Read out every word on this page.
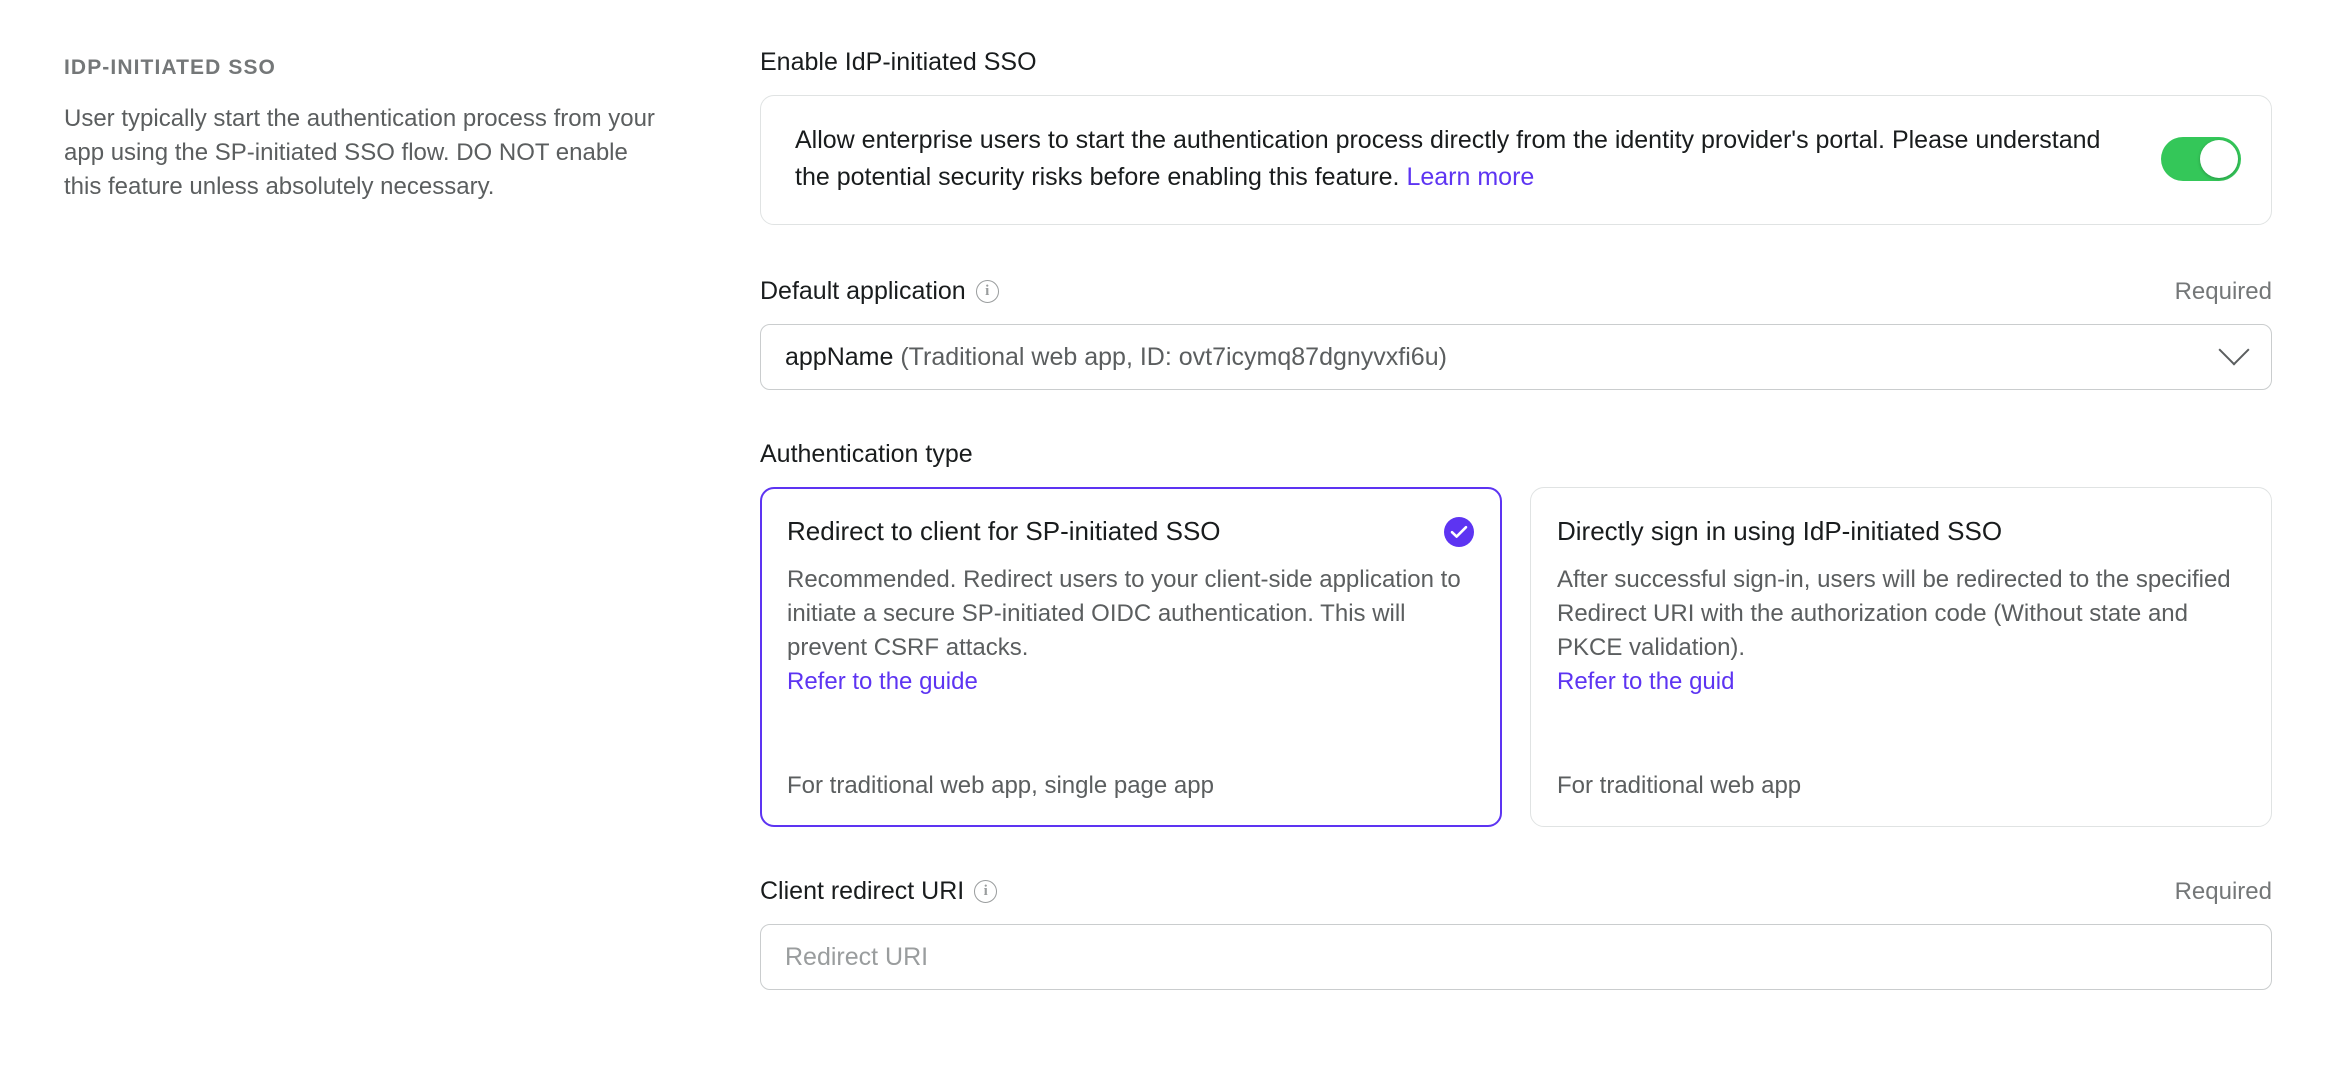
IDP-INITIATED SSO

User typically start the authentication process from your app using the SP-initiated SSO flow. DO NOT enable this feature unless absolutely necessary.

Enable IdP-initiated SSO
Allow enterprise users to start the authentication process directly from the identity provider's portal. Please understand the potential security risks before enabling this feature. Learn more
Default application	i	Required
appName (Traditional web app, ID: ovt7icymq87dgnyvxfi6u)
Authentication type
Redirect to client for SP-initiated SSO

Recommended. Redirect users to your client-side application to initiate a secure SP-initiated OIDC authentication. This will prevent CSRF attacks.
Refer to the guide

For traditional web app, single page app
Directly sign in using IdP-initiated SSO

After successful sign-in, users will be redirected to the specified Redirect URI with the authorization code (Without state and PKCE validation).
Refer to the guid

For traditional web app
Client redirect URI	i	Required
Redirect URI
